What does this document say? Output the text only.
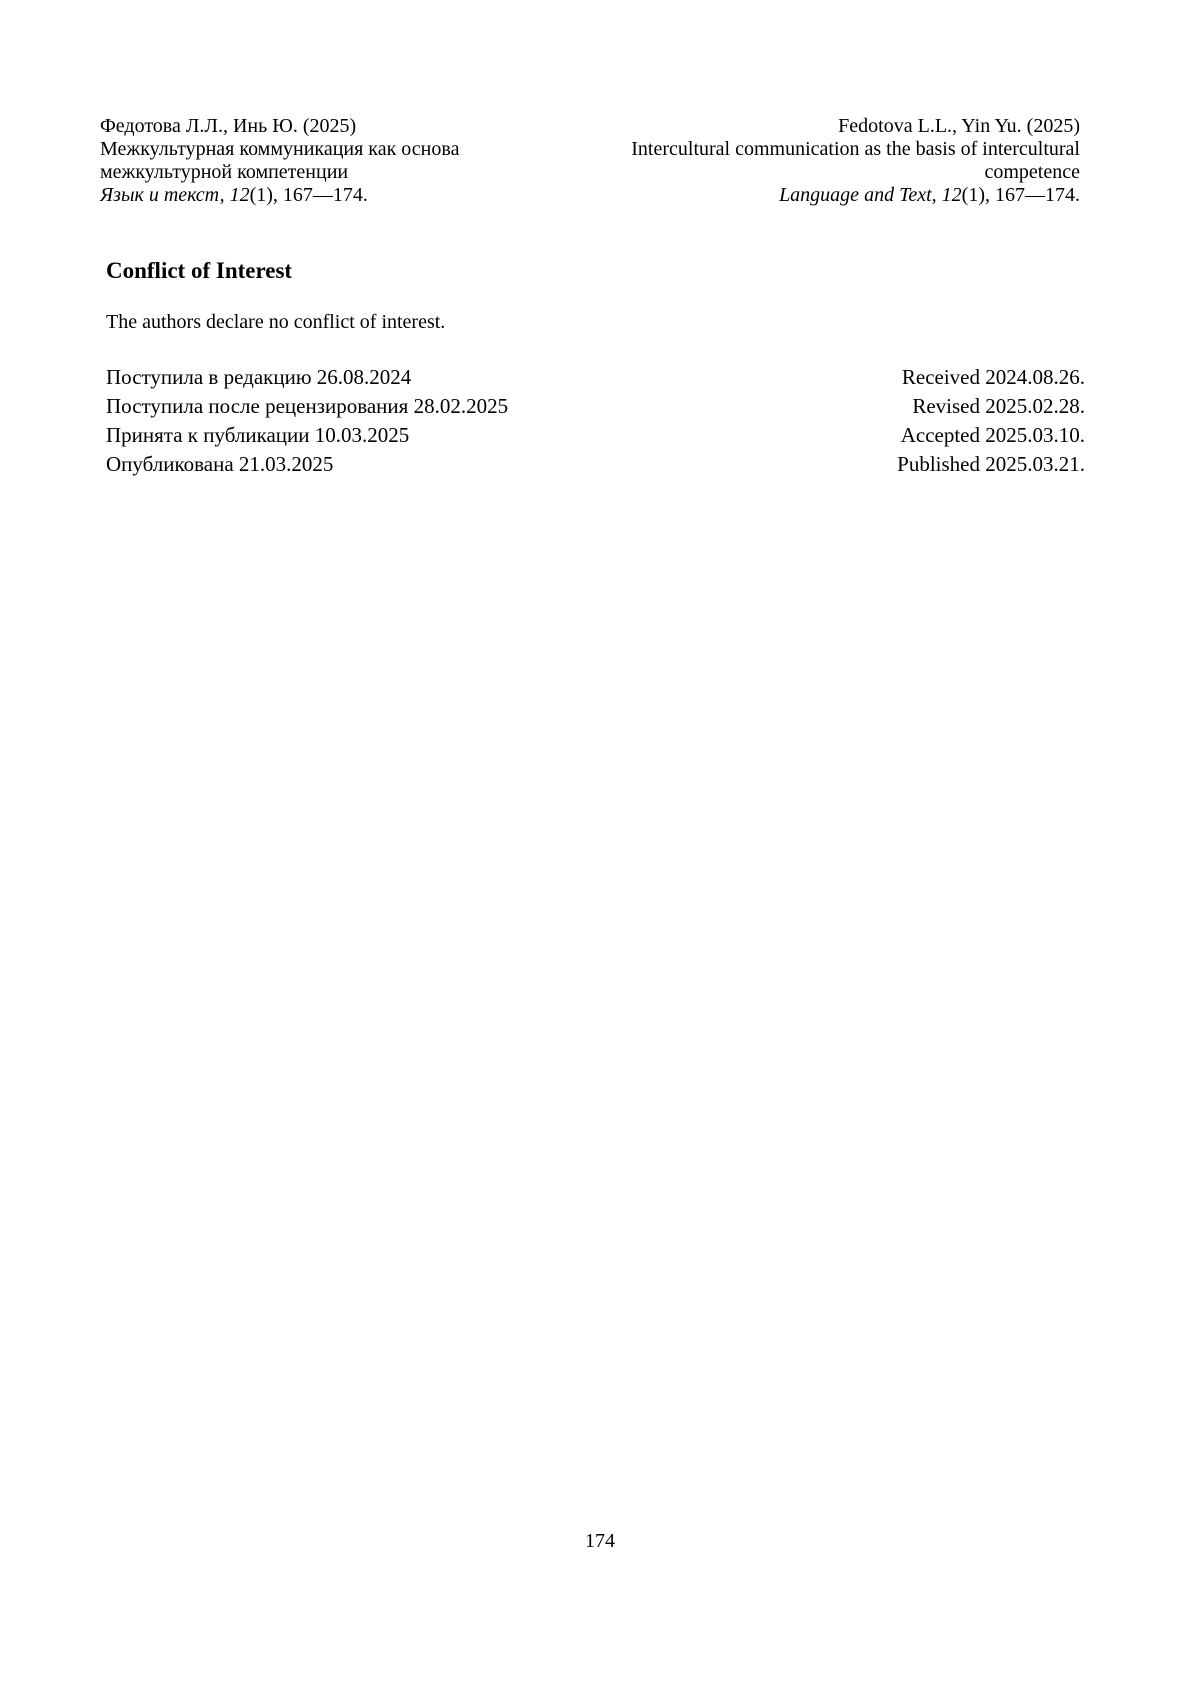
Федотова Л.Л., Инь Ю. (2025)
Межкультурная коммуникация как основа
межкультурной компетенции
Язык и текст, 12(1), 167—174.
Fedotova L.L., Yin Yu. (2025)
Intercultural communication as the basis of intercultural
competence
Language and Text, 12(1), 167—174.
Conflict of Interest

The authors declare no conflict of interest.

Поступила в редакцию 26.08.2024	Received 2024.08.26.
Поступила после рецензирования 28.02.2025	Revised 2025.02.28.
Принята к публикации 10.03.2025	Accepted 2025.03.10.
Опубликована 21.03.2025	Published 2025.03.21.
174
